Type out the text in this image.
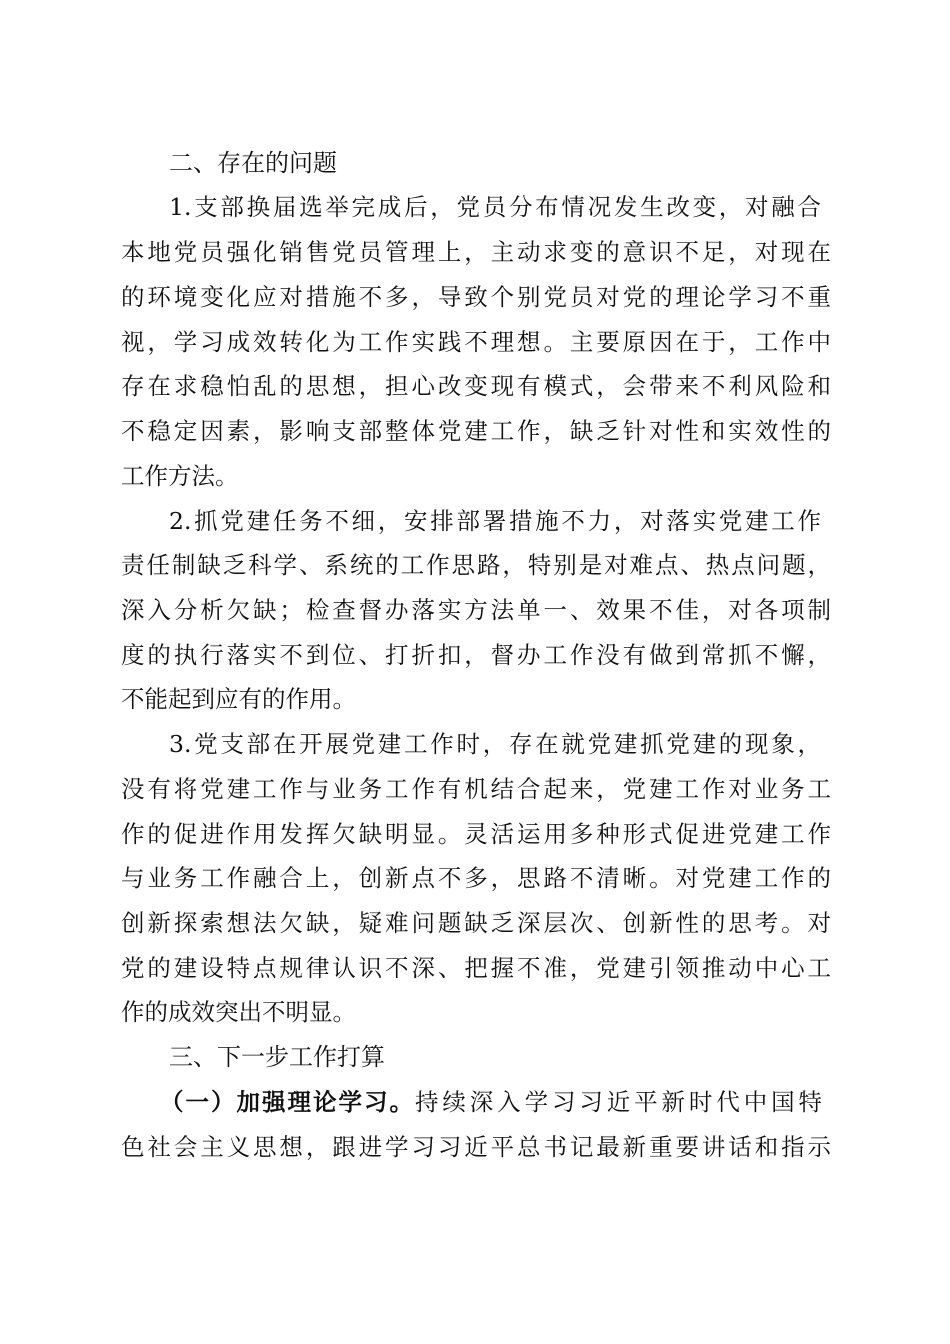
二、存在的问题
1.支部换届选举完成后，党员分布情况发生改变，对融合
本地党员强化销售党员管理上，主动求变的意识不足，对现在
的环境变化应对措施不多，导致个别党员对党的理论学习不重
视，学习成效转化为工作实践不理想。主要原因在于，工作中
存在求稳怕乱的思想，担心改变现有模式，会带来不利风险和
不稳定因素，影响支部整体党建工作，缺乏针对性和实效性的
工作方法。
2.抓党建任务不细，安排部署措施不力，对落实党建工作
责任制缺乏科学、系统的工作思路，特别是对难点、热点问题，
深入分析欠缺；检查督办落实方法单一、效果不佳，对各项制
度的执行落实不到位、打折扣，督办工作没有做到常抓不懈，
不能起到应有的作用。
3.党支部在开展党建工作时，存在就党建抓党建的现象，
没有将党建工作与业务工作有机结合起来，党建工作对业务工
作的促进作用发挥欠缺明显。灵活运用多种形式促进党建工作
与业务工作融合上，创新点不多，思路不清晰。对党建工作的
创新探索想法欠缺，疑难问题缺乏深层次、创新性的思考。对
党的建设特点规律认识不深、把握不准，党建引领推动中心工
作的成效突出不明显。
三、下一步工作打算
（一）加强理论学习。 持续深入学习习近平新时代中国特
色社会主义思想，跟进学习习近平总书记最新重要讲话和指示
